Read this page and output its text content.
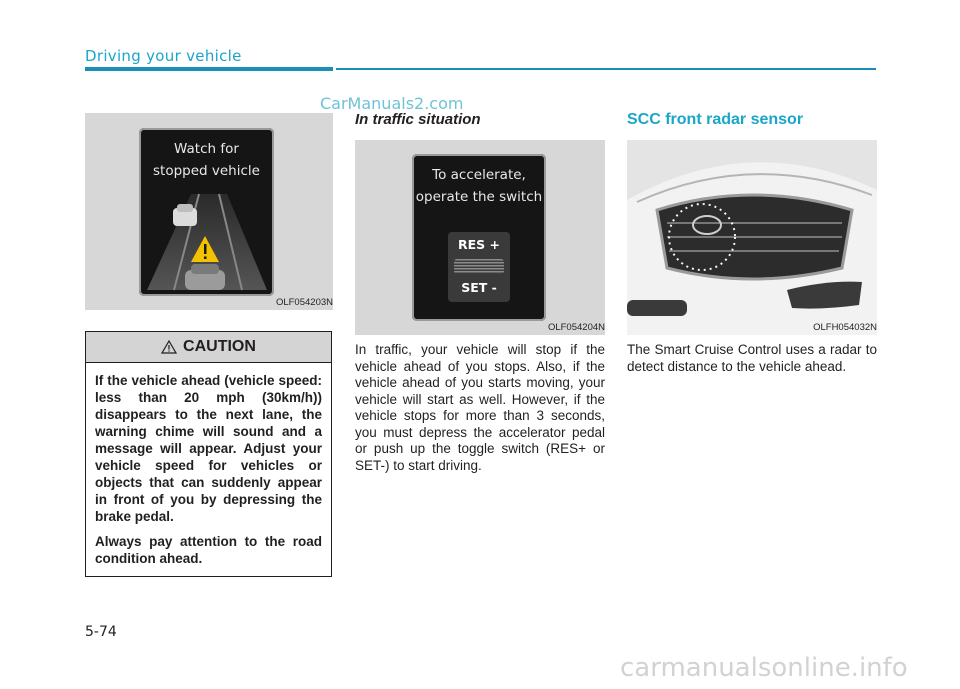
Driving your vehicle
CarManuals2.com
Watch for
stopped vehicle
OLF054203N
CAUTION

If the vehicle ahead (vehicle speed: less than 20 mph (30km/h)) disappears to the next lane, the warning chime will sound and a message will appear. Adjust your vehicle speed for vehicles or objects that can suddenly appear in front of you by depressing the brake pedal.

Always pay attention to the road condition ahead.

In traffic situation
To accelerate,
operate the switch
RES +
SET -
OLF054204N
In traffic, your vehicle will stop if the vehicle ahead of you stops. Also, if the vehicle ahead of you starts moving, your vehicle will start as well. However, if the vehicle stops for more than 3 seconds, you must depress the accelerator pedal or push up the toggle switch (RES+ or SET-) to start driving.
SCC front radar sensor
OLFH054032N
The Smart Cruise Control uses a radar to detect distance to the vehicle ahead.
5-74
carmanualsonline.info
